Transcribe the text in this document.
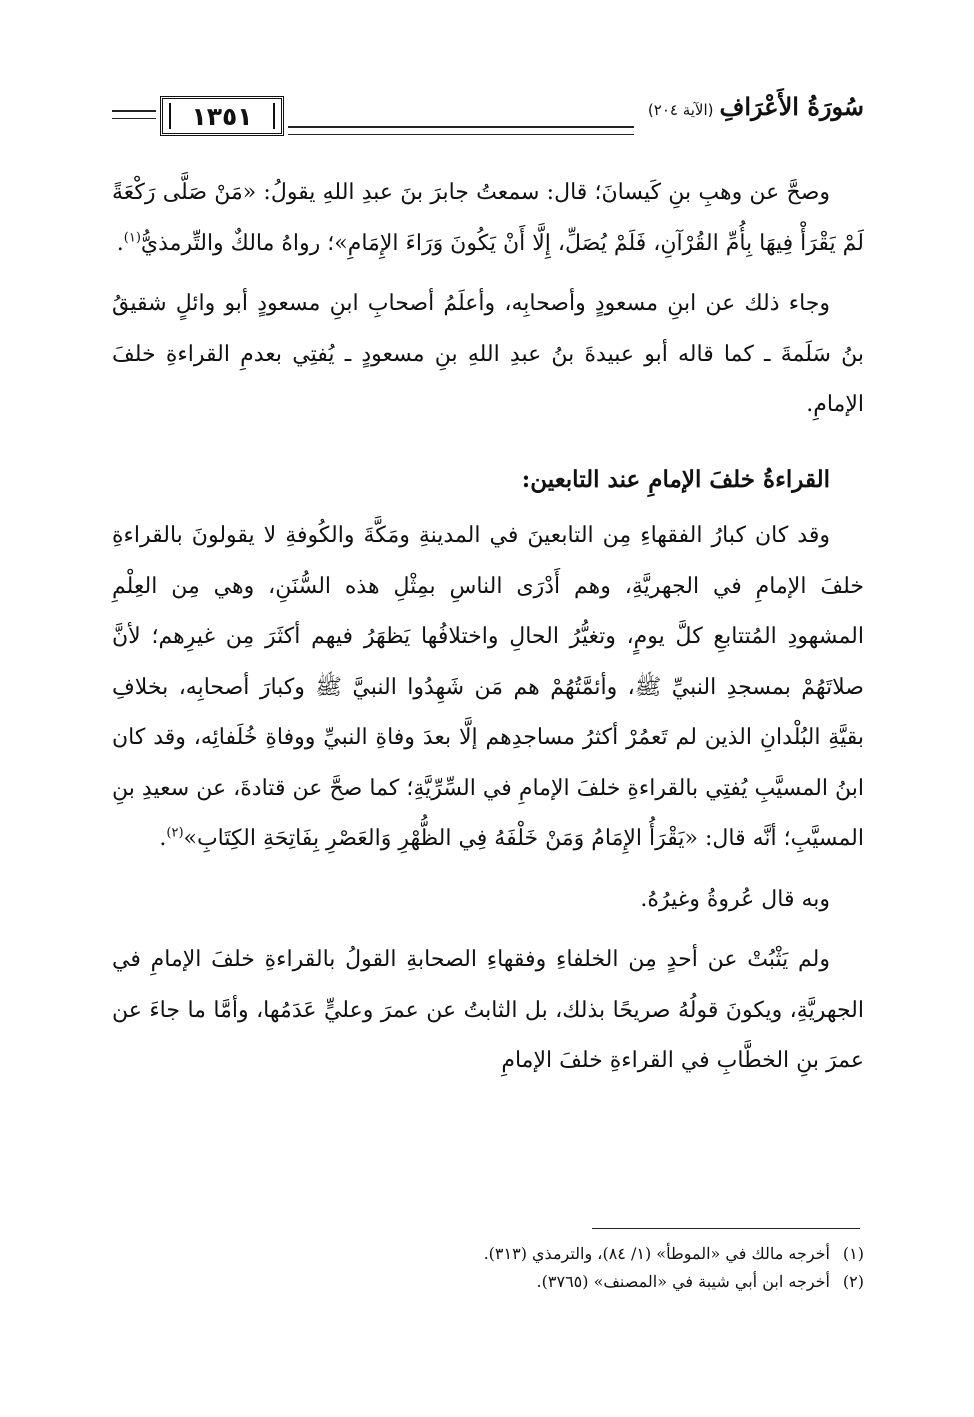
١٣٥١	سُورَةُ الأَعْرَافِ(الآية ٢٠٤)

وصحَّ عن وهبِ بنِ كَيسانَ؛ قال: سمعتُ جابرَ بنَ عبدِ اللهِ يقولُ: «مَنْ صَلَّى رَكْعَةً لَمْ يَقْرَأْ فِيهَا بِأُمِّ القُرْآنِ، فَلَمْ يُصَلِّ، إِلَّا أَنْ يَكُونَ وَرَاءَ الإِمَامِ»؛ رواهُ مالكٌ والتِّرمذيُّ$^{(١)}$.

وجاء ذلك عن ابنِ مسعودٍ وأصحابِه، وأعلَمُ أصحابِ ابنِ مسعودٍ أبو وائلٍ شقيقُ بنُ سَلَمةَ ـ كما قاله أبو عبيدةَ بنُ عبدِ اللهِ بنِ مسعودٍ ـ يُفتِي بعدمِ القراءةِ خلفَ الإمامِ.

القراءةُ خلفَ الإمامِ عند التابعين:

وقد كان كبارُ الفقهاءِ مِن التابعينَ في المدينةِ ومَكَّةَ والكُوفةِ لا يقولونَ بالقراءةِ خلفَ الإمامِ في الجهريَّةِ، وهم أَدْرَى الناسِ بمِثْلِ هذه السُّنَنِ، وهي مِن العِلْمِ المشهودِ المُتتابعِ كلَّ يومٍ، وتغيُّرُ الحالِ واختلافُها يَظهَرُ فيهم أكثَرَ مِن غيرِهم؛ لأنَّ صلاتَهُمْ بمسجدِ النبيِّ ﷺ، وأئمَّتُهُمْ هم مَن شَهِدُوا النبيَّ ﷺ وكبارَ أصحابِه، بخلافِ بقيَّةِ البُلْدانِ الذين لم تَعمُرْ أكثرُ مساجدِهم إلَّا بعدَ وفاةِ النبيِّ ووفاةِ خُلَفائِه، وقد كان ابنُ المسيَّبِ يُفتِي بالقراءةِ خلفَ الإمامِ في السِّرِّيَّةِ؛ كما صحَّ عن قتادةَ، عن سعيدِ بنِ المسيَّبِ؛ أنَّه قال: «يَقْرَأُ الإِمَامُ وَمَنْ خَلْفَهُ فِي الظُّهْرِ وَالعَصْرِ بِفَاتِحَةِ الكِتَابِ»$^{(٢)}$.

وبه قال عُروةُ وغيرُهُ.

ولم يَثْبُتْ عن أحدٍ مِن الخلفاءِ وفقهاءِ الصحابةِ القولُ بالقراءةِ خلفَ الإمامِ في الجهريَّةِ، ويكونَ قولُهُ صريحًا بذلك، بل الثابتُ عن عمرَ وعليٍّ عَدَمُها، وأمَّا ما جاءَ عن عمرَ بنِ الخطَّابِ في القراءةِ خلفَ الإمامِ

(١)أخرجه مالك في «الموطأ» (١/ ٨٤)، والترمذي (٣١٣).
(٢)أخرجه ابن أبي شيبة في «المصنف» (٣٧٦٥).
